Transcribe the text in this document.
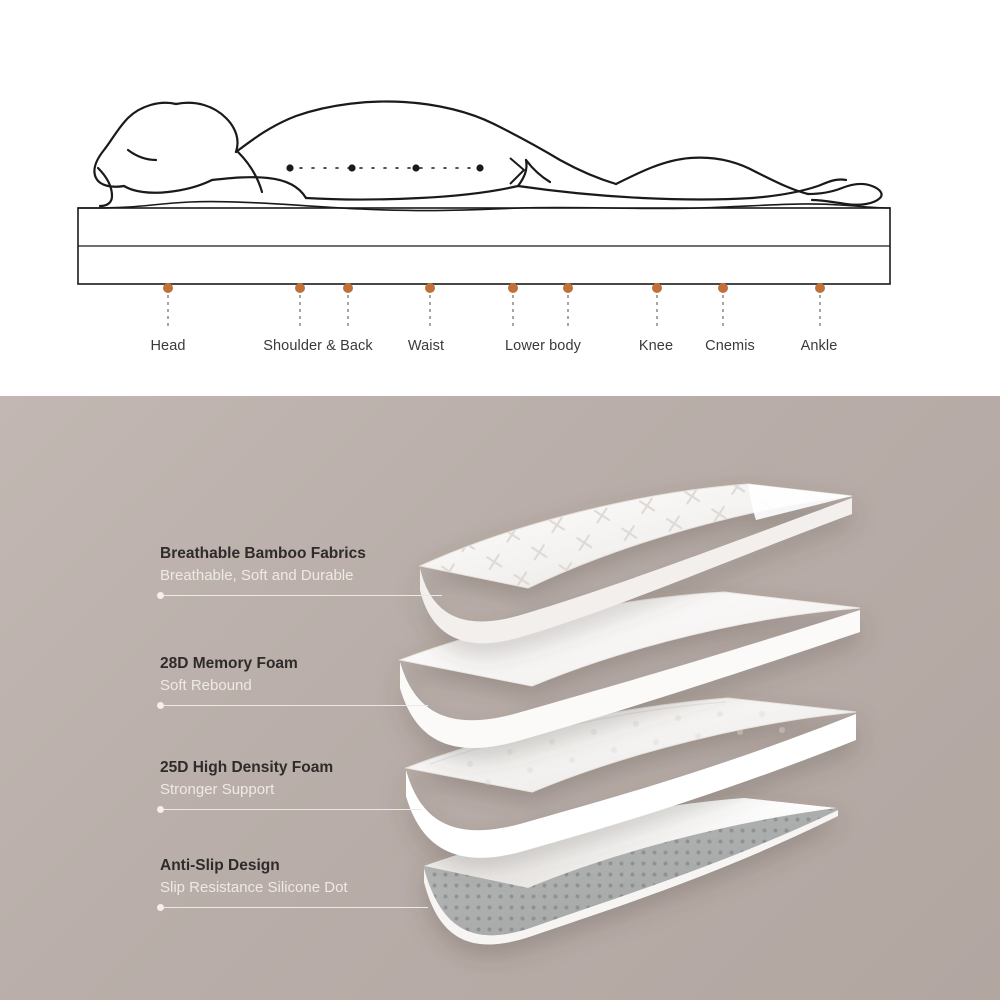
Head	Shoulder & Back Waist	Lower body	Knee Cnemis	Ankle
Breathable Bamboo Fabrics
Breathable, Soft and Durable
28D Memory Foam
Soft Rebound
25D High Density Foam
Stronger Support
Anti-Slip Design
Slip Resistance Silicone Dot
